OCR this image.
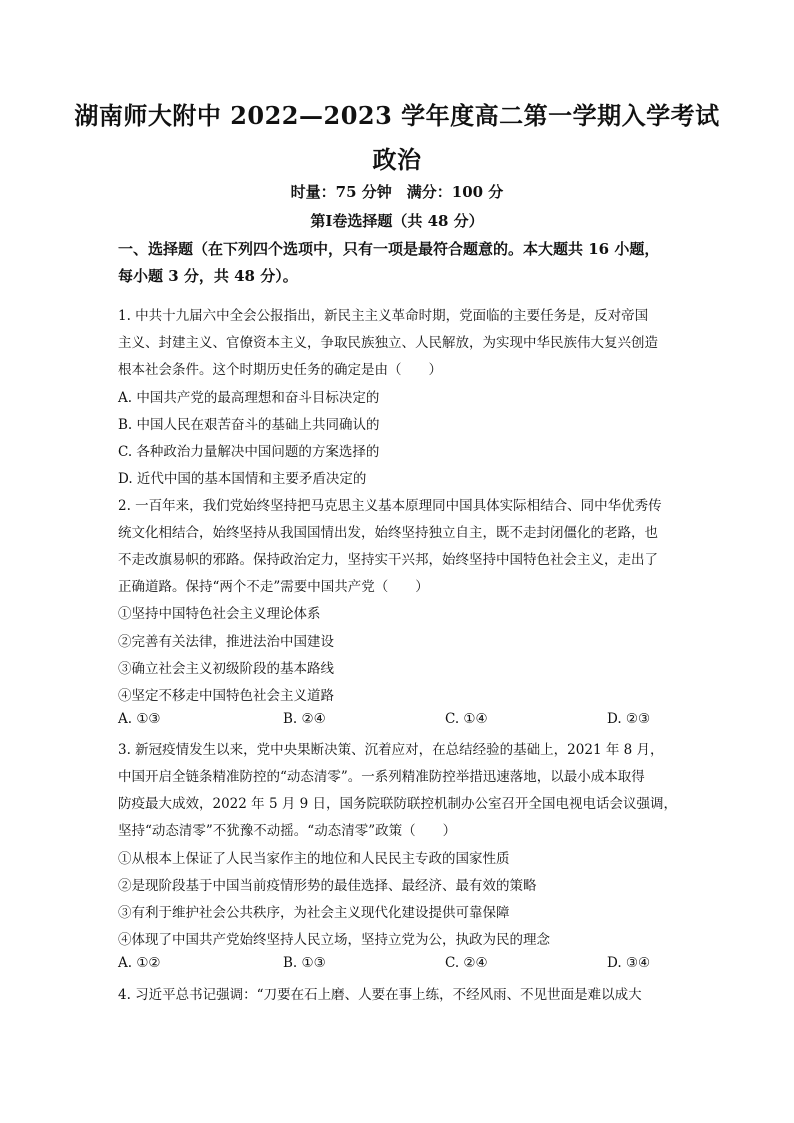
湖南师大附中 2022—2023 学年度高二第一学期入学考试
政治
时量：75 分钟　满分：100 分
第Ⅰ卷选择题（共 48 分）
一、选择题（在下列四个选项中，只有一项是最符合题意的。本大题共 16 小题，
每小题 3 分，共 48 分）。
1. 中共十九届六中全会公报指出，新民主主义革命时期，党面临的主要任务是，反对帝国
主义、封建主义、官僚资本主义，争取民族独立、人民解放，为实现中华民族伟大复兴创造
根本社会条件。这个时期历史任务的确定是由（　　）
A. 中国共产党的最高理想和奋斗目标决定的
B. 中国人民在艰苦奋斗的基础上共同确认的
C. 各种政治力量解决中国问题的方案选择的
D. 近代中国的基本国情和主要矛盾决定的
2. 一百年来，我们党始终坚持把马克思主义基本原理同中国具体实际相结合、同中华优秀传
统文化相结合，始终坚持从我国国情出发，始终坚持独立自主，既不走封闭僵化的老路，也
不走改旗易帜的邪路。保持政治定力，坚持实干兴邦，始终坚持中国特色社会主义，走出了
正确道路。保持“两个不走”需要中国共产党（　　）
①坚持中国特色社会主义理论体系
②完善有关法律，推进法治中国建设
③确立社会主义初级阶段的基本路线
④坚定不移走中国特色社会主义道路
A. ①③	B. ②④	C. ①④	D. ②③
3. 新冠疫情发生以来，党中央果断决策、沉着应对，在总结经验的基础上，2021 年 8 月，
中国开启全链条精准防控的“动态清零”。一系列精准防控举措迅速落地，以最小成本取得
防疫最大成效，2022 年 5 月 9 日，国务院联防联控机制办公室召开全国电视电话会议强调，
坚持“动态清零”不犹豫不动摇。“动态清零”政策（　　）
①从根本上保证了人民当家作主的地位和人民民主专政的国家性质
②是现阶段基于中国当前疫情形势的最佳选择、最经济、最有效的策略
③有利于维护社会公共秩序，为社会主义现代化建设提供可靠保障
④体现了中国共产党始终坚持人民立场，坚持立党为公，执政为民的理念
A. ①②	B. ①③	C. ②④	D. ③④
4. 习近平总书记强调：“刀要在石上磨、人要在事上练，不经风雨、不见世面是难以成大
